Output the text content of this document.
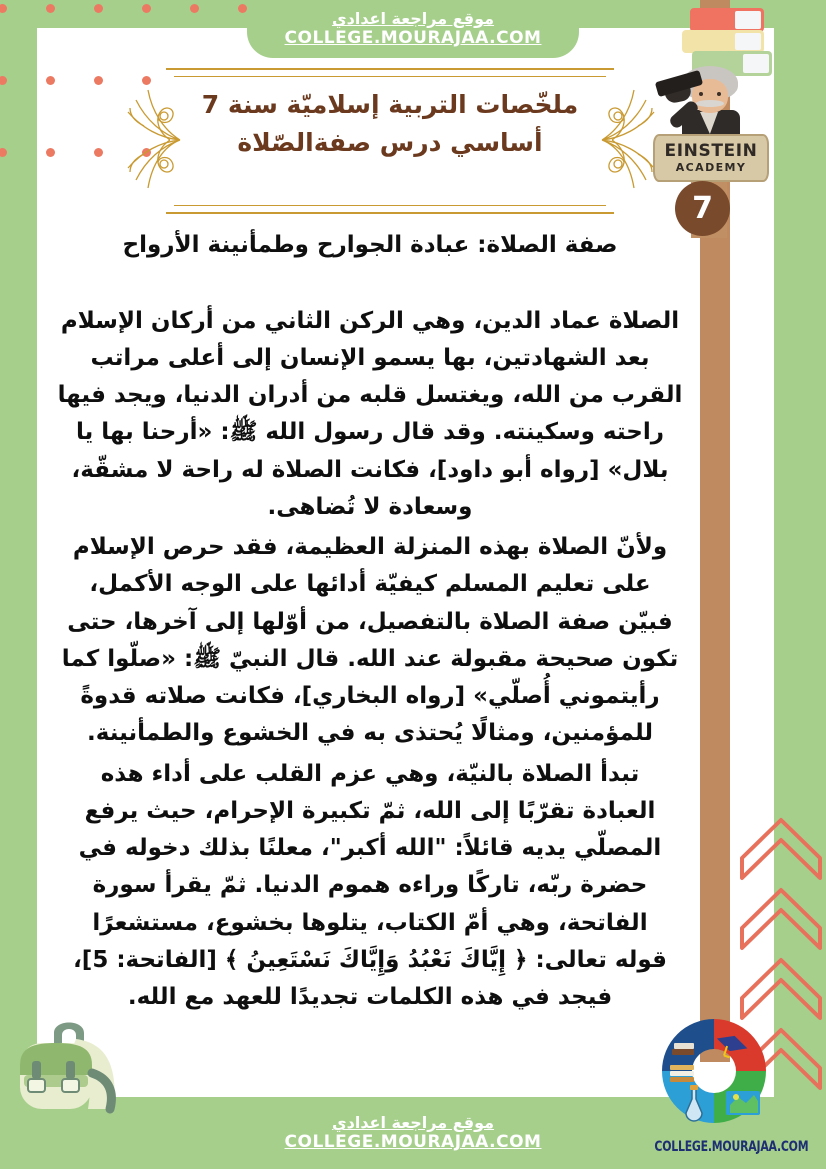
موقع مراجعة اعدادي
COLLEGE.MOURAJAA.COM
EINSTEIN
ACADEMY
7
ملخّصات التربية إسلاميّة سنة 7
أساسي درس صفةالصّلاة

صفة الصلاة: عبادة الجوارح وطمأنينة الأرواح

الصلاة عماد الدين، وهي الركن الثاني من أركان الإسلام

بعد الشهادتين، بها يسمو الإنسان إلى أعلى مراتب

القرب من الله، ويغتسل قلبه من أدران الدنيا، ويجد فيها

راحته وسكينته. وقد قال رسول الله ﷺ: «أرحنا بها يا

بلال» [رواه أبو داود]، فكانت الصلاة له راحة لا مشقّة،

وسعادة لا تُضاهى.

ولأنّ الصلاة بهذه المنزلة العظيمة، فقد حرص الإسلام

على تعليم المسلم كيفيّة أدائها على الوجه الأكمل،

فبيّن صفة الصلاة بالتفصيل، من أوّلها إلى آخرها، حتى

تكون صحيحة مقبولة عند الله. قال النبيّ ﷺ: «صلّوا كما

رأيتموني أُصلّي» [رواه البخاري]، فكانت صلاته قدوةً

للمؤمنين، ومثالًا يُحتذى به في الخشوع والطمأنينة.

تبدأ الصلاة بالنيّة، وهي عزم القلب على أداء هذه

العبادة تقرّبًا إلى الله، ثمّ تكبيرة الإحرام، حيث يرفع

المصلّي يديه قائلاً: "الله أكبر"، معلنًا بذلك دخوله في

حضرة ربّه، تاركًا وراءه هموم الدنيا. ثمّ يقرأ سورة

الفاتحة، وهي أمّ الكتاب، يتلوها بخشوع، مستشعرًا

قوله تعالى: ﴿ إِيَّاكَ نَعْبُدُ وَإِيَّاكَ نَسْتَعِينُ ﴾ [الفاتحة: 5]،

فيجد في هذه الكلمات تجديدًا للعهد مع الله.

موقع مراجعة اعدادي
COLLEGE.MOURAJAA.COM	COLLEGE.MOURAJAA.COM
